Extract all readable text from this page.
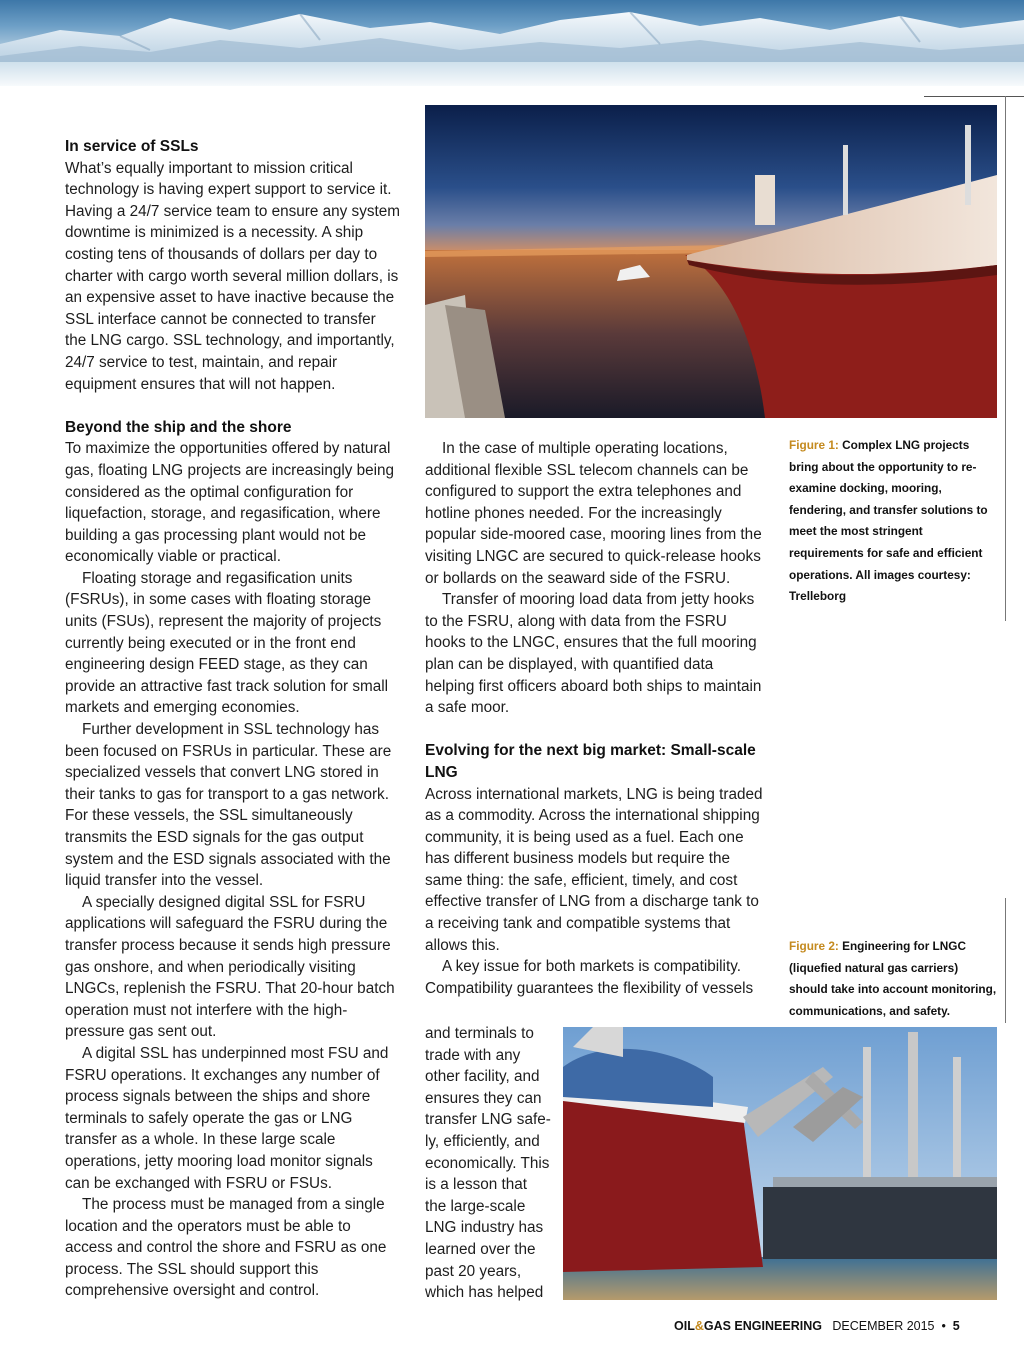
In service of SSLs

What’s equally important to mission critical technology is having expert support to service it. Having a 24/7 service team to ensure any system downtime is minimized is a necessity. A ship costing tens of thousands of dollars per day to charter with cargo worth several million dollars, is an expensive asset to have inactive because the SSL interface cannot be connected to transfer the LNG cargo. SSL technology, and importantly, 24/7 service to test, maintain, and repair equipment ensures that will not happen.

Beyond the ship and the shore

To maximize the opportunities offered by natural gas, floating LNG projects are increasingly being considered as the optimal configuration for liquefaction, storage, and regasification, where building a gas processing plant would not be economically viable or practical.

Floating storage and regasification units (FSRUs), in some cases with floating storage units (FSUs), represent the majority of projects currently being executed or in the front end engineering design FEED stage, as they can provide an attractive fast track solution for small markets and emerging economies.

Further development in SSL technology has been focused on FSRUs in particular. These are specialized vessels that convert LNG stored in their tanks to gas for transport to a gas network. For these vessels, the SSL simultaneously transmits the ESD signals for the gas output system and the ESD signals associated with the liquid transfer into the vessel.

A specially designed digital SSL for FSRU applications will safeguard the FSRU during the transfer process because it sends high pressure gas onshore, and when periodically visiting LNGCs, replenish the FSRU. That 20-hour batch operation must not interfere with the high-pressure gas sent out.

A digital SSL has underpinned most FSU and FSRU operations. It exchanges any number of process signals between the ships and shore terminals to safely operate the gas or LNG transfer as a whole. In these large scale operations, jetty mooring load monitor signals can be exchanged with FSRU or FSUs.

The process must be managed from a single location and the operators must be able to access and control the shore and FSRU as one process. The SSL should support this comprehensive oversight and control.

In the case of multiple operating locations, additional flexible SSL telecom channels can be configured to support the extra telephones and hotline phones needed. For the increasingly popular side-moored case, mooring lines from the visiting LNGC are secured to quick-release hooks or bollards on the seaward side of the FSRU.

Transfer of mooring load data from jetty hooks to the FSRU, along with data from the FSRU hooks to the LNGC, ensures that the full mooring plan can be displayed, with quantified data helping first officers aboard both ships to maintain a safe moor.

Evolving for the next big market: Small-scale LNG

Across international markets, LNG is being traded as a commodity. Across the international shipping community, it is being used as a fuel. Each one has different business models but require the same thing: the safe, efficient, timely, and cost effective transfer of LNG from a discharge tank to a receiving tank and compatible systems that allows this.

A key issue for both markets is compatibility. Compatibility guarantees the flexibility of vessels

and terminals to
trade with any
other facility, and
ensures they can
transfer LNG safe-
ly, efficiently, and
economically. This
is a lesson that
the large-scale
LNG industry has
learned over the
past 20 years,
which has helped
Figure 1: Complex LNG projects bring about the opportunity to re-examine docking, mooring, fendering, and transfer solutions to meet the most stringent requirements for safe and efficient operations. All images courtesy: Trelleborg
Figure 2: Engineering for LNGC (liquefied natural gas carriers) should take into account monitoring, communications, and safety.
OIL&GAS ENGINEERING DECEMBER 2015 • 5
